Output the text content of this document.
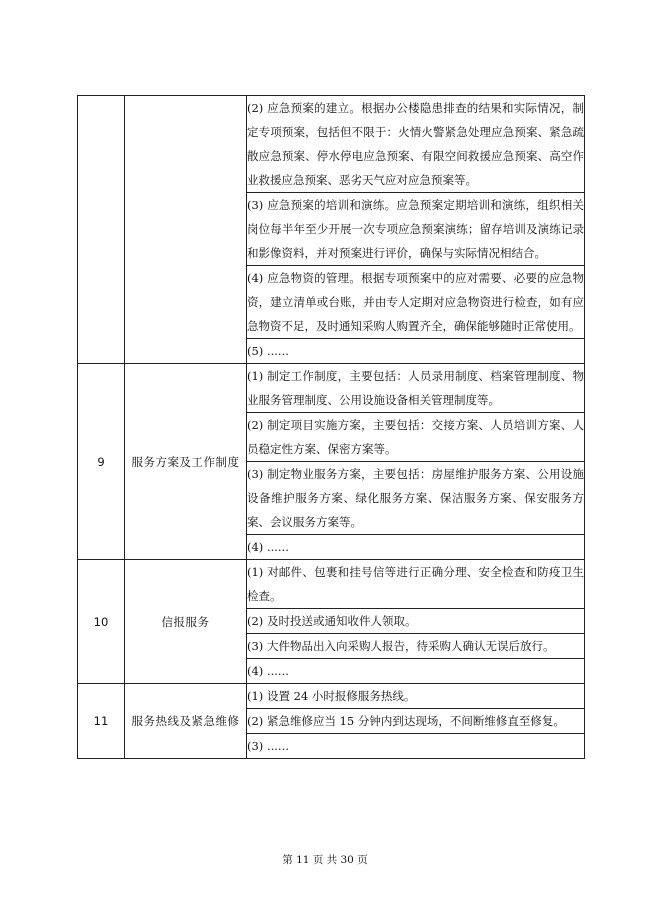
		(2) 应急预案的建立。根据办公楼隐患排查的结果和实际情况，制定专项预案，包括但不限于：火情火警紧急处理应急预案、紧急疏散应急预案、停水停电应急预案、有限空间救援应急预案、高空作业救援应急预案、恶劣天气应对应急预案等。
		(3) 应急预案的培训和演练。应急预案定期培训和演练，组织相关岗位每半年至少开展一次专项应急预案演练；留存培训及演练记录和影像资料，并对预案进行评价，确保与实际情况相结合。
		(4) 应急物资的管理。根据专项预案中的应对需要、必要的应急物资，建立清单或台账，并由专人定期对应急物资进行检查，如有应急物资不足，及时通知采购人购置齐全，确保能够随时正常使用。
		(5) ......
9	服务方案及工作制度	(1) 制定工作制度，主要包括：人员录用制度、档案管理制度、物业服务管理制度、公用设施设备相关管理制度等。
		(2) 制定项目实施方案，主要包括：交接方案、人员培训方案、人员稳定性方案、保密方案等。
		(3) 制定物业服务方案，主要包括：房屋维护服务方案、公用设施设备维护服务方案、绿化服务方案、保洁服务方案、保安服务方案、会议服务方案等。
		(4) ......
10	信报服务	(1) 对邮件、包裹和挂号信等进行正确分理、安全检查和防疫卫生检查。
		(2) 及时投送或通知收件人领取。
		(3) 大件物品出入向采购人报告，待采购人确认无误后放行。
		(4) ......
11	服务热线及紧急维修	(1) 设置 24 小时报修服务热线。
		(2) 紧急维修应当 15 分钟内到达现场，不间断维修直至修复。
		(3) ......
第 11 页 共 30 页
